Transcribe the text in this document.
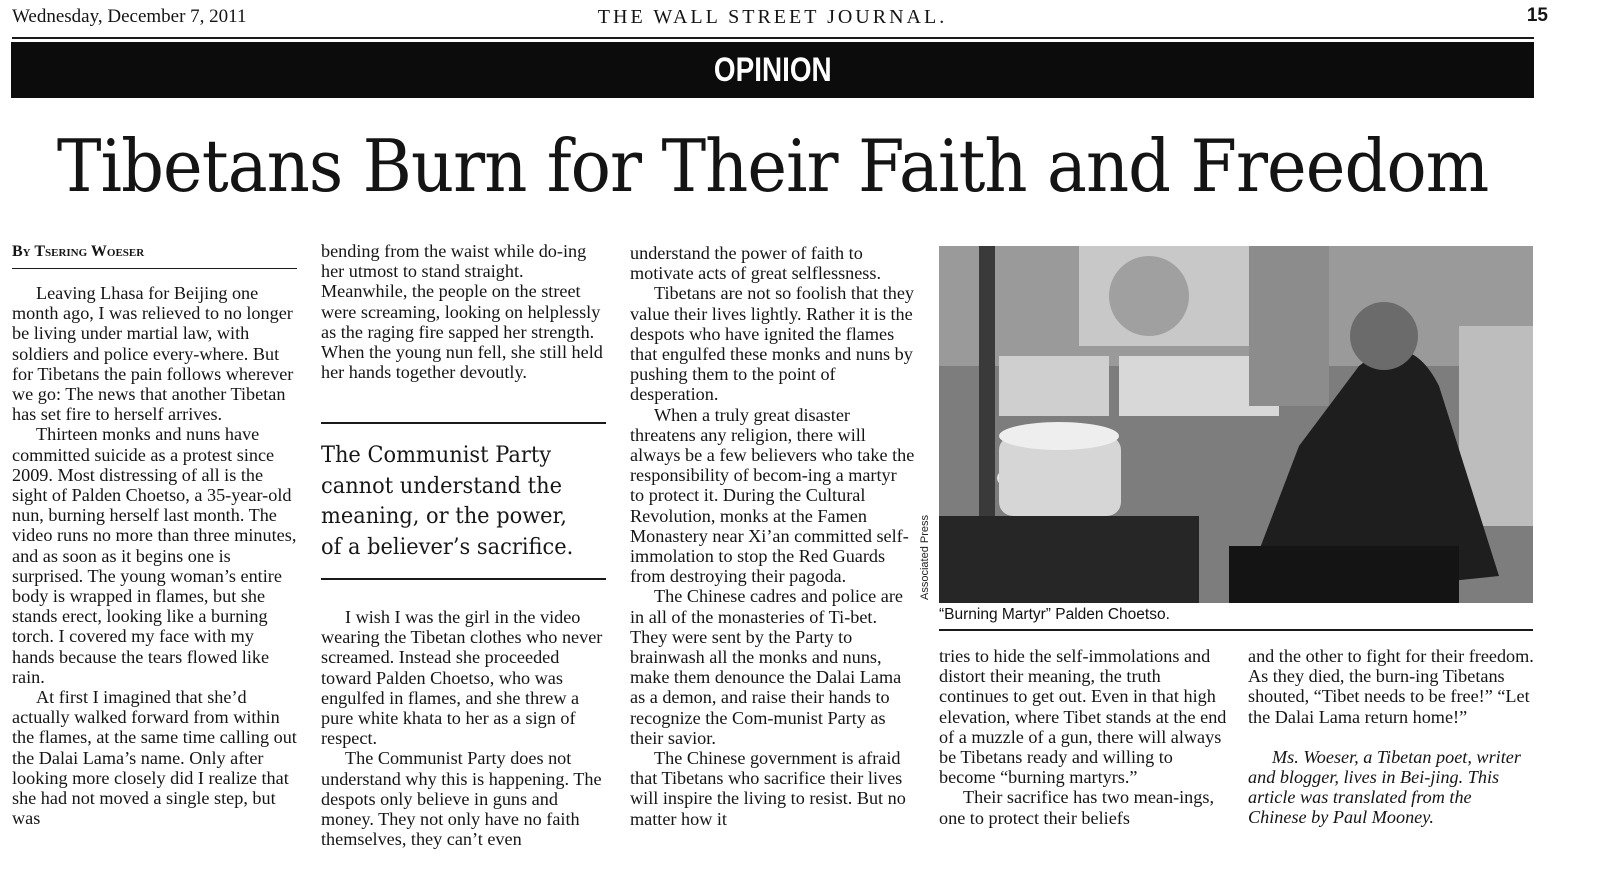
Wednesday, December 7, 2011	THE WALL STREET JOURNAL.	15
OPINION
Tibetans Burn for Their Faith and Freedom
By Tsering Woeser

Leaving Lhasa for Beijing one month ago, I was relieved to no longer be living under martial law, with soldiers and police every-where. But for Tibetans the pain follows wherever we go: The news that another Tibetan has set fire to herself arrives.

Thirteen monks and nuns have committed suicide as a protest since 2009. Most distressing of all is the sight of Palden Choetso, a 35-year-old nun, burning herself last month. The video runs no more than three minutes, and as soon as it begins one is surprised. The young woman’s entire body is wrapped in flames, but she stands erect, looking like a burning torch. I covered my face with my hands because the tears flowed like rain.

At first I imagined that she’d actually walked forward from within the flames, at the same time calling out the Dalai Lama’s name. Only after looking more closely did I realize that she had not moved a single step, but was

bending from the waist while do-ing her utmost to stand straight. Meanwhile, the people on the street were screaming, looking on helplessly as the raging fire sapped her strength. When the young nun fell, she still held her hands together devoutly.

The Communist Party
cannot understand the
meaning, or the power,
of a believer’s sacrifice.

I wish I was the girl in the video wearing the Tibetan clothes who never screamed. Instead she proceeded toward Palden Choetso, who was engulfed in flames, and she threw a pure white khata to her as a sign of respect.

The Communist Party does not understand why this is happening. The despots only believe in guns and money. They not only have no faith themselves, they can’t even

understand the power of faith to motivate acts of great selflessness.

Tibetans are not so foolish that they value their lives lightly. Rather it is the despots who have ignited the flames that engulfed these monks and nuns by pushing them to the point of desperation.

When a truly great disaster threatens any religion, there will always be a few believers who take the responsibility of becom-ing a martyr to protect it. During the Cultural Revolution, monks at the Famen Monastery near Xi’an committed self-immolation to stop the Red Guards from destroying their pagoda.

The Chinese cadres and police are in all of the monasteries of Ti-bet. They were sent by the Party to brainwash all the monks and nuns, make them denounce the Dalai Lama as a demon, and raise their hands to recognize the Com-munist Party as their savior.

The Chinese government is afraid that Tibetans who sacrifice their lives will inspire the living to resist. But no matter how it

Associated Press
“Burning Martyr” Palden Choetso.

tries to hide the self-immolations and distort their meaning, the truth continues to get out. Even in that high elevation, where Tibet stands at the end of a muzzle of a gun, there will always be Tibetans ready and willing to become “burning martyrs.”

Their sacrifice has two mean-ings, one to protect their beliefs

and the other to fight for their freedom. As they died, the burn-ing Tibetans shouted, “Tibet needs to be free!” “Let the Dalai Lama return home!”

Ms. Woeser, a Tibetan poet, writer and blogger, lives in Bei-jing. This article was translated from the Chinese by Paul Mooney.
